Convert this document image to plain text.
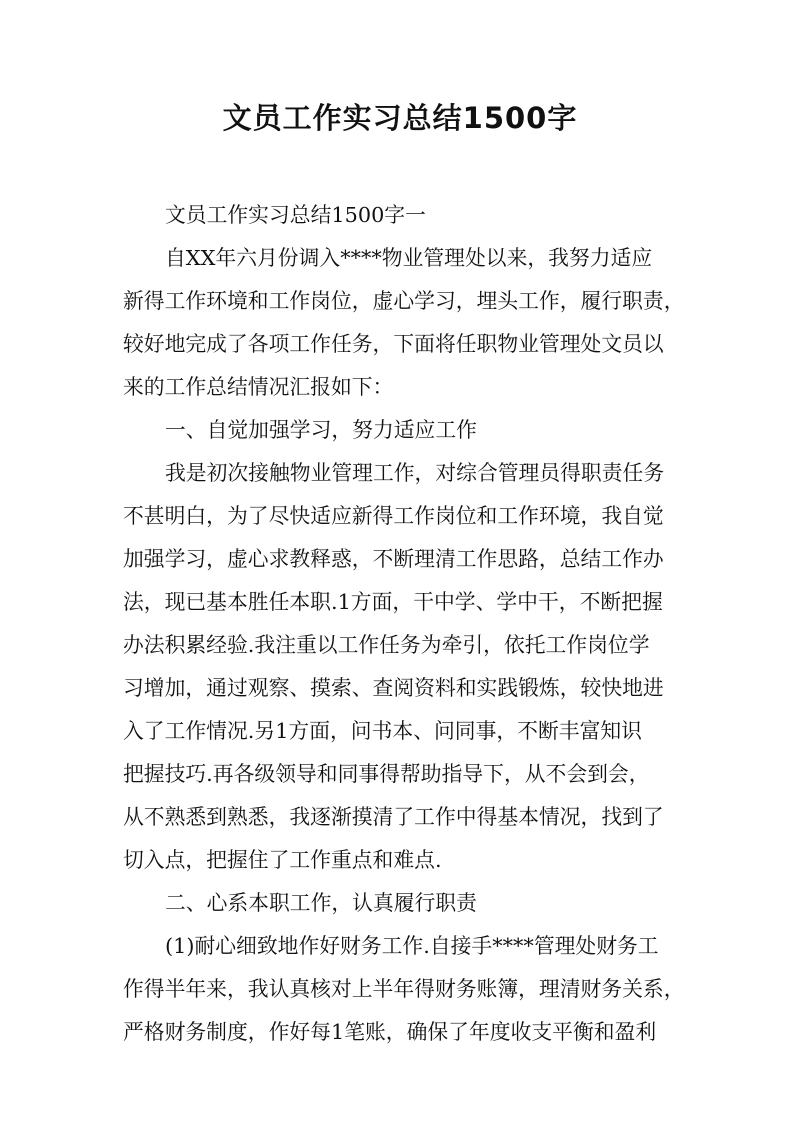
文员工作实习总结1500字

文员工作实习总结1500字一

自XX年六月份调入****物业管理处以来，我努力适应

新得工作环境和工作岗位，虚心学习，埋头工作，履行职责，

较好地完成了各项工作任务，下面将任职物业管理处文员以

来的工作总结情况汇报如下：

一、自觉加强学习，努力适应工作

我是初次接触物业管理工作，对综合管理员得职责任务

不甚明白，为了尽快适应新得工作岗位和工作环境，我自觉

加强学习，虚心求教释惑，不断理清工作思路，总结工作办

法，现已基本胜任本职.1方面，干中学、学中干，不断把握

办法积累经验.我注重以工作任务为牵引，依托工作岗位学

习增加，通过观察、摸索、查阅资料和实践锻炼，较快地进

入了工作情况.另1方面，问书本、问同事，不断丰富知识

把握技巧.再各级领导和同事得帮助指导下，从不会到会，

从不熟悉到熟悉，我逐渐摸清了工作中得基本情况，找到了

切入点，把握住了工作重点和难点.

二、心系本职工作，认真履行职责

(1)耐心细致地作好财务工作.自接手****管理处财务工

作得半年来，我认真核对上半年得财务账簿，理清财务关系，

严格财务制度，作好每1笔账，确保了年度收支平衡和盈利
